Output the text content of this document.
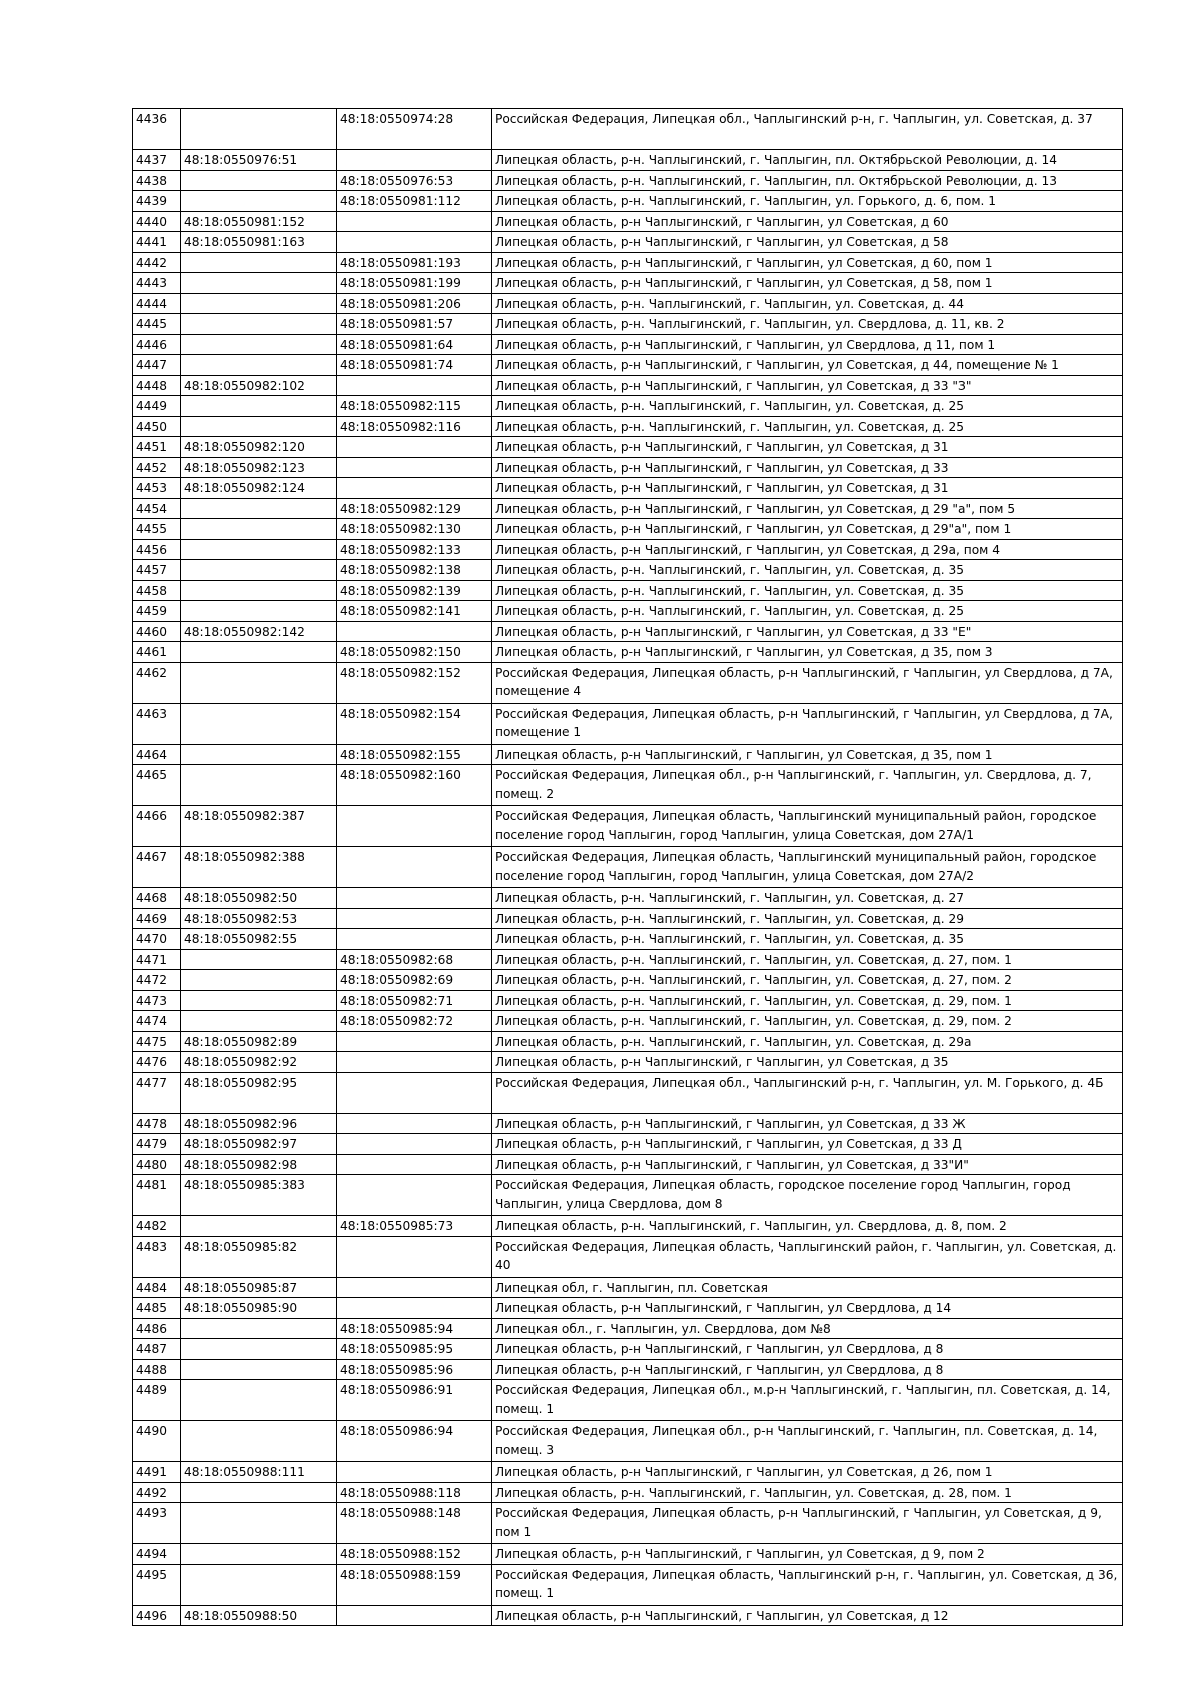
4436		48:18:0550974:28	Российская Федерация, Липецкая обл., Чаплыгинский р-н, г. Чаплыгин, ул. Советская, д. 37
4437	48:18:0550976:51		Липецкая область, р-н. Чаплыгинский, г. Чаплыгин, пл. Октябрьской Революции, д. 14
4438		48:18:0550976:53	Липецкая область, р-н. Чаплыгинский, г. Чаплыгин, пл. Октябрьской Революции, д. 13
4439		48:18:0550981:112	Липецкая область, р-н. Чаплыгинский, г. Чаплыгин, ул. Горького, д. 6, пом. 1
4440	48:18:0550981:152		Липецкая область, р-н Чаплыгинский, г Чаплыгин, ул Советская, д 60
4441	48:18:0550981:163		Липецкая область, р-н Чаплыгинский, г Чаплыгин, ул Советская, д 58
4442		48:18:0550981:193	Липецкая область, р-н Чаплыгинский, г Чаплыгин, ул Советская, д 60, пом 1
4443		48:18:0550981:199	Липецкая область, р-н Чаплыгинский, г Чаплыгин, ул Советская, д 58, пом 1
4444		48:18:0550981:206	Липецкая область, р-н. Чаплыгинский, г. Чаплыгин, ул. Советская, д. 44
4445		48:18:0550981:57	Липецкая область, р-н. Чаплыгинский, г. Чаплыгин, ул. Свердлова, д. 11, кв. 2
4446		48:18:0550981:64	Липецкая область, р-н Чаплыгинский, г Чаплыгин, ул Свердлова, д 11, пом 1
4447		48:18:0550981:74	Липецкая область, р-н Чаплыгинский, г Чаплыгин, ул Советская, д 44, помещение № 1
4448	48:18:0550982:102		Липецкая область, р-н Чаплыгинский, г Чаплыгин, ул Советская, д 33 "З"
4449		48:18:0550982:115	Липецкая область, р-н. Чаплыгинский, г. Чаплыгин, ул. Советская, д. 25
4450		48:18:0550982:116	Липецкая область, р-н. Чаплыгинский, г. Чаплыгин, ул. Советская, д. 25
4451	48:18:0550982:120		Липецкая область, р-н Чаплыгинский, г Чаплыгин, ул Советская, д 31
4452	48:18:0550982:123		Липецкая область, р-н Чаплыгинский, г Чаплыгин, ул Советская, д 33
4453	48:18:0550982:124		Липецкая область, р-н Чаплыгинский, г Чаплыгин, ул Советская, д 31
4454		48:18:0550982:129	Липецкая область, р-н Чаплыгинский, г Чаплыгин, ул Советская, д 29 "а", пом 5
4455		48:18:0550982:130	Липецкая область, р-н Чаплыгинский, г Чаплыгин, ул Советская, д 29"а", пом 1
4456		48:18:0550982:133	Липецкая область, р-н Чаплыгинский, г Чаплыгин, ул Советская, д 29а, пом 4
4457		48:18:0550982:138	Липецкая область, р-н. Чаплыгинский, г. Чаплыгин, ул. Советская, д. 35
4458		48:18:0550982:139	Липецкая область, р-н. Чаплыгинский, г. Чаплыгин, ул. Советская, д. 35
4459		48:18:0550982:141	Липецкая область, р-н. Чаплыгинский, г. Чаплыгин, ул. Советская, д. 25
4460	48:18:0550982:142		Липецкая область, р-н Чаплыгинский, г Чаплыгин, ул Советская, д 33 "Е"
4461		48:18:0550982:150	Липецкая область, р-н Чаплыгинский, г Чаплыгин, ул Советская, д 35, пом 3
4462		48:18:0550982:152	Российская Федерация, Липецкая область, р-н Чаплыгинский, г Чаплыгин, ул Свердлова, д 7А, помещение 4
4463		48:18:0550982:154	Российская Федерация, Липецкая область, р-н Чаплыгинский, г Чаплыгин, ул Свердлова, д 7А, помещение 1
4464		48:18:0550982:155	Липецкая область, р-н Чаплыгинский, г Чаплыгин, ул Советская, д 35, пом 1
4465		48:18:0550982:160	Российская Федерация, Липецкая обл., р-н Чаплыгинский, г. Чаплыгин, ул. Свердлова, д. 7, помещ. 2
4466	48:18:0550982:387		Российская Федерация, Липецкая область, Чаплыгинский муниципальный район, городское поселение город Чаплыгин, город Чаплыгин, улица Советская, дом 27А/1
4467	48:18:0550982:388		Российская Федерация, Липецкая область, Чаплыгинский муниципальный район, городское поселение город Чаплыгин, город Чаплыгин, улица Советская, дом 27А/2
4468	48:18:0550982:50		Липецкая область, р-н. Чаплыгинский, г. Чаплыгин, ул. Советская, д. 27
4469	48:18:0550982:53		Липецкая область, р-н. Чаплыгинский, г. Чаплыгин, ул. Советская, д. 29
4470	48:18:0550982:55		Липецкая область, р-н. Чаплыгинский, г. Чаплыгин, ул. Советская, д. 35
4471		48:18:0550982:68	Липецкая область, р-н. Чаплыгинский, г. Чаплыгин, ул. Советская, д. 27, пом. 1
4472		48:18:0550982:69	Липецкая область, р-н. Чаплыгинский, г. Чаплыгин, ул. Советская, д. 27, пом. 2
4473		48:18:0550982:71	Липецкая область, р-н. Чаплыгинский, г. Чаплыгин, ул. Советская, д. 29, пом. 1
4474		48:18:0550982:72	Липецкая область, р-н. Чаплыгинский, г. Чаплыгин, ул. Советская, д. 29, пом. 2
4475	48:18:0550982:89		Липецкая область, р-н. Чаплыгинский, г. Чаплыгин, ул. Советская, д. 29а
4476	48:18:0550982:92		Липецкая область, р-н Чаплыгинский, г Чаплыгин, ул Советская, д 35
4477	48:18:0550982:95		Российская Федерация, Липецкая обл., Чаплыгинский р-н, г. Чаплыгин, ул. М. Горького, д. 4Б
4478	48:18:0550982:96		Липецкая область, р-н Чаплыгинский, г Чаплыгин, ул Советская, д 33 Ж
4479	48:18:0550982:97		Липецкая область, р-н Чаплыгинский, г Чаплыгин, ул Советская, д 33 Д
4480	48:18:0550982:98		Липецкая область, р-н Чаплыгинский, г Чаплыгин, ул Советская, д 33"И"
4481	48:18:0550985:383		Российская Федерация, Липецкая область, городское поселение город Чаплыгин, город Чаплыгин, улица Свердлова, дом 8
4482		48:18:0550985:73	Липецкая область, р-н. Чаплыгинский, г. Чаплыгин, ул. Свердлова, д. 8, пом. 2
4483	48:18:0550985:82		Российская Федерация, Липецкая область, Чаплыгинский район, г. Чаплыгин, ул. Советская, д. 40
4484	48:18:0550985:87		Липецкая обл, г. Чаплыгин, пл. Советская
4485	48:18:0550985:90		Липецкая область, р-н Чаплыгинский, г Чаплыгин, ул Свердлова, д 14
4486		48:18:0550985:94	Липецкая обл., г. Чаплыгин, ул. Свердлова, дом №8
4487		48:18:0550985:95	Липецкая область, р-н Чаплыгинский, г Чаплыгин, ул Свердлова, д 8
4488		48:18:0550985:96	Липецкая область, р-н Чаплыгинский, г Чаплыгин, ул Свердлова, д 8
4489		48:18:0550986:91	Российская Федерация, Липецкая обл., м.р-н Чаплыгинский, г. Чаплыгин, пл. Советская, д. 14, помещ. 1
4490		48:18:0550986:94	Российская Федерация, Липецкая обл., р-н Чаплыгинский, г. Чаплыгин, пл. Советская, д. 14, помещ. 3
4491	48:18:0550988:111		Липецкая область, р-н Чаплыгинский, г Чаплыгин, ул Советская, д 26, пом 1
4492		48:18:0550988:118	Липецкая область, р-н. Чаплыгинский, г. Чаплыгин, ул. Советская, д. 28, пом. 1
4493		48:18:0550988:148	Российская Федерация, Липецкая область, р-н Чаплыгинский, г Чаплыгин, ул Советская, д 9, пом 1
4494		48:18:0550988:152	Липецкая область, р-н Чаплыгинский, г Чаплыгин, ул Советская, д 9, пом 2
4495		48:18:0550988:159	Российская Федерация, Липецкая область, Чаплыгинский р-н, г. Чаплыгин, ул. Советская, д 36, помещ. 1
4496	48:18:0550988:50		Липецкая область, р-н Чаплыгинский, г Чаплыгин, ул Советская, д 12
